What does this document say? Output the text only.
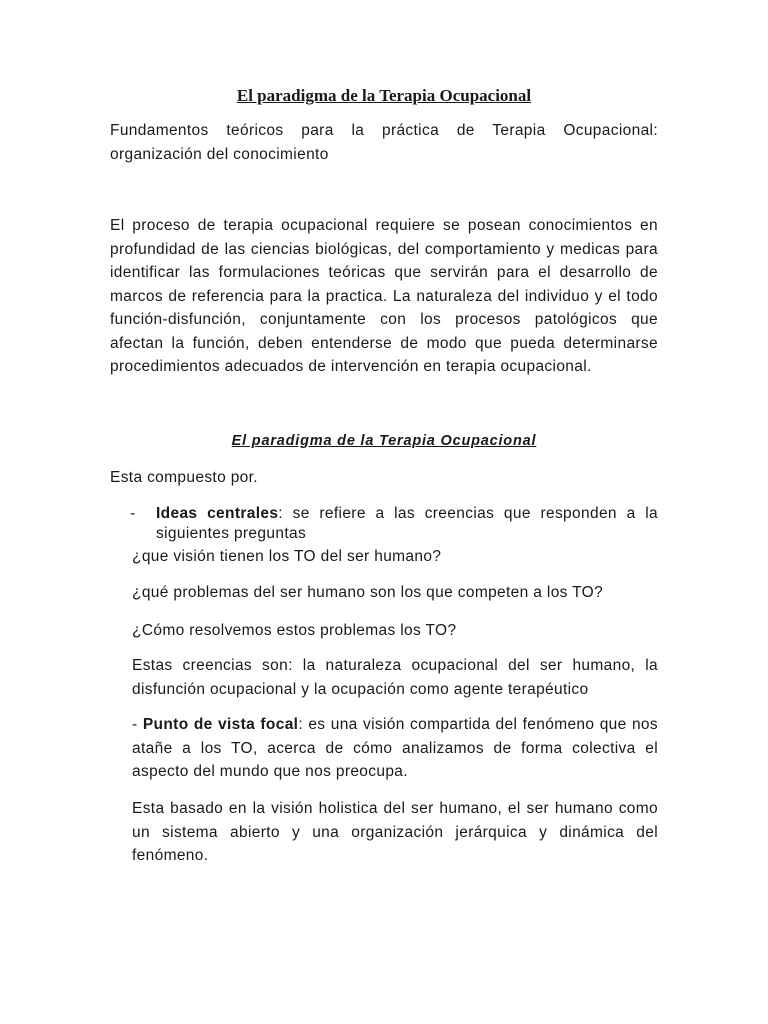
El paradigma de la Terapia Ocupacional

Fundamentos teóricos para la práctica de Terapia Ocupacional: organización del conocimiento

El proceso de terapia ocupacional requiere se posean conocimientos en profundidad de las ciencias biológicas, del comportamiento y medicas para identificar las formulaciones teóricas que servirán para el desarrollo de marcos de referencia para la practica. La naturaleza del individuo y el todo función-disfunción, conjuntamente con los procesos patológicos que afectan la función, deben entenderse de modo que pueda determinarse procedimientos adecuados de intervención en terapia ocupacional.

El paradigma de la Terapia Ocupacional

Esta compuesto por.

- Ideas centrales: se refiere a las creencias que responden a la siguientes preguntas

¿que visión tienen los TO del ser humano?

¿qué problemas del ser humano son los que competen a los TO?

¿Cómo resolvemos estos problemas los TO?

Estas creencias son: la naturaleza ocupacional del ser humano, la disfunción ocupacional y la ocupación como agente terapéutico

- Punto de vista focal: es una visión compartida del fenómeno que nos atañe a los TO, acerca de cómo analizamos de forma colectiva el aspecto del mundo que nos preocupa.

Esta basado en la visión holistica del ser humano, el ser humano como un sistema abierto y una organización jerárquica y dinámica del fenómeno.
